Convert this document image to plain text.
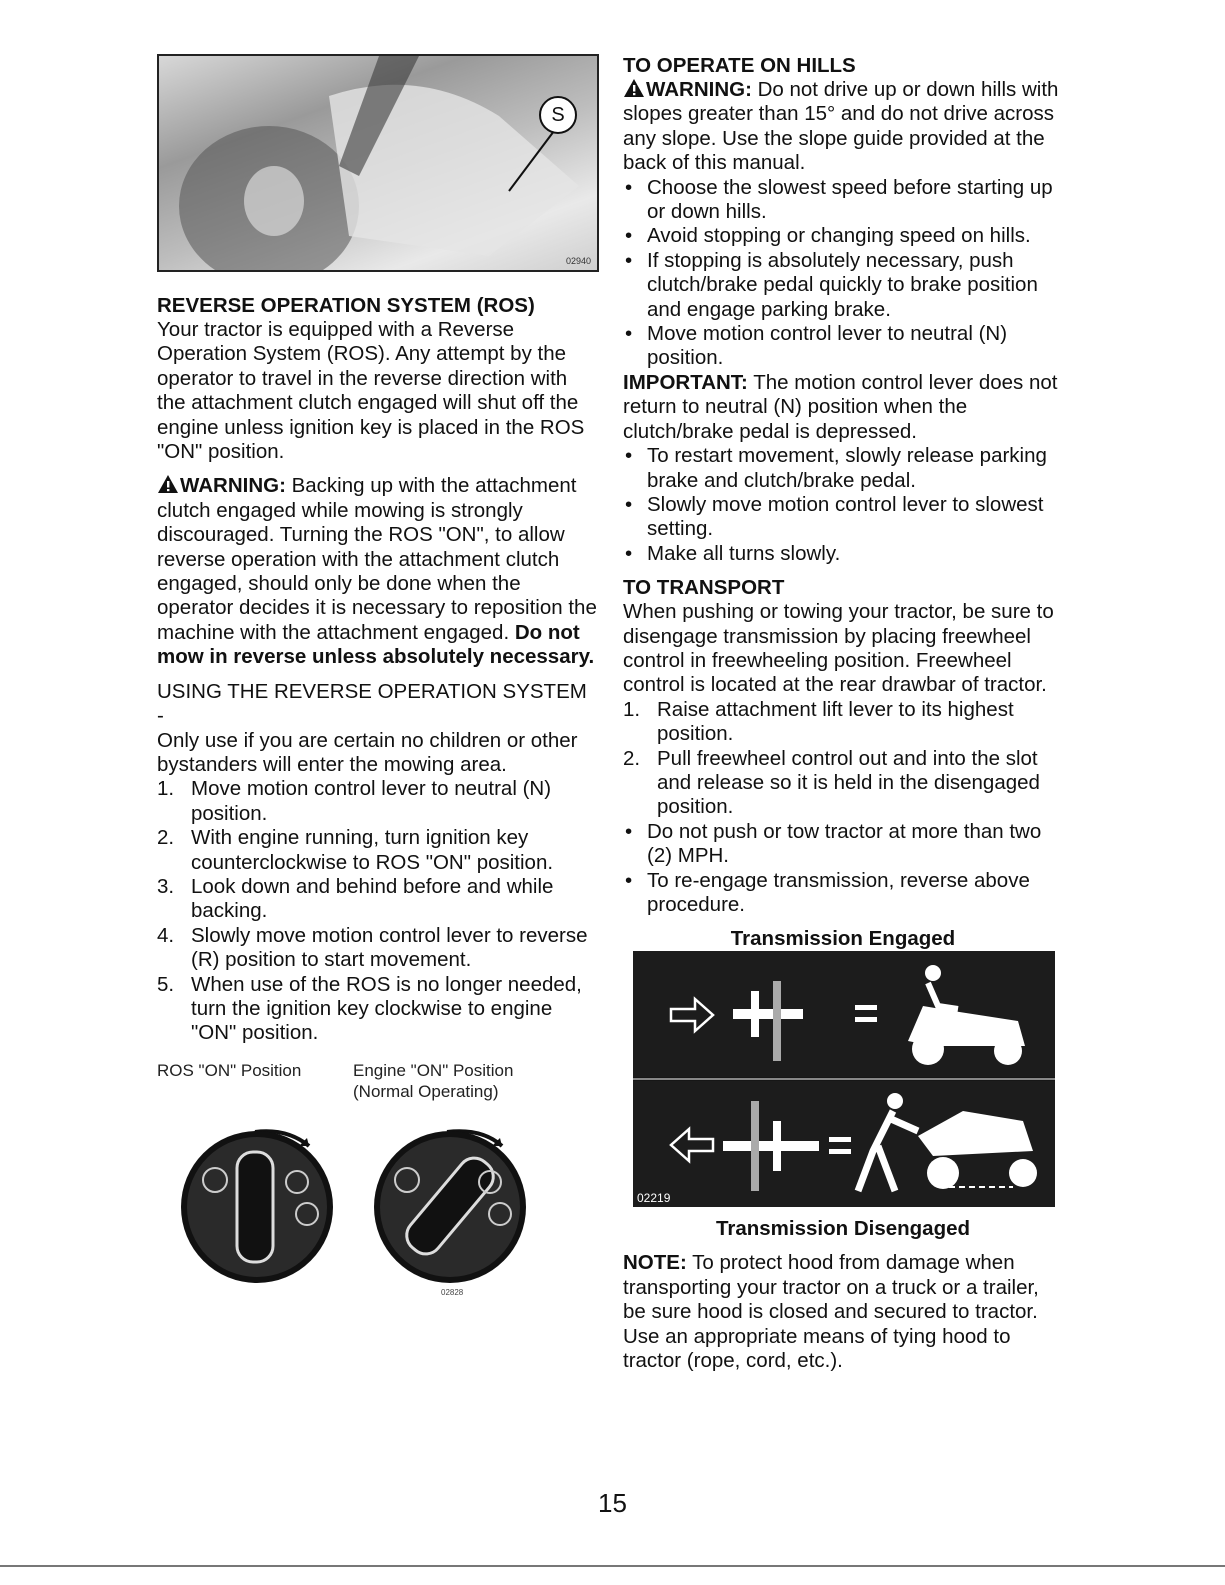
S
02940

REVERSE OPERATION SYSTEM (ROS)

Your tractor is equipped with a Reverse Operation System (ROS). Any attempt by the operator to travel in the reverse direction with the attachment clutch engaged will shut off the engine unless ignition key is placed in the ROS "ON" position.

WARNING: Backing up with the attachment clutch engaged while mowing is strongly discouraged. Turning the ROS "ON", to allow reverse operation with the attachment clutch engaged, should only be done when the operator decides it is necessary to reposition the machine with the attachment engaged. Do not mow in reverse unless absolutely necessary.

USING THE REVERSE OPERATION SYSTEM -

Only use if you are certain no children or other bystanders will enter the mowing area.

1. Move motion control lever to neutral (N) position.
2. With engine running, turn ignition key counterclockwise to ROS "ON" position.
3. Look down and behind before and while backing.
4. Slowly move motion control lever to reverse (R) position to start movement.
5. When use of the ROS is no longer needed, turn the ignition key clockwise to engine "ON" position.
ROS "ON" Position	Engine "ON" Position
(Normal Operating)
02828

TO OPERATE ON HILLS

WARNING: Do not drive up or down hills with slopes greater than 15° and do not drive across any slope. Use the slope guide provided at the back of this manual.

• Choose the slowest speed before starting up or down hills.
• Avoid stopping or changing speed on hills.
• If stopping is absolutely necessary, push clutch/brake pedal quickly to brake position and engage parking brake.
• Move motion control lever to neutral (N) position.

IMPORTANT: The motion control lever does not return to neutral (N) position when the clutch/brake pedal is depressed.

• To restart movement, slowly release parking brake and clutch/brake pedal.
• Slowly move motion control lever to slowest setting.
• Make all turns slowly.

TO TRANSPORT

When pushing or towing your tractor, be sure to disengage transmission by placing freewheel control in freewheeling position. Freewheel control is located at the rear drawbar of tractor.

1. Raise attachment lift lever to its highest position.
2. Pull freewheel control out and into the slot and release so it is held in the disengaged position.
• Do not push or tow tractor at more than two (2) MPH.
• To re-engage transmission, reverse above procedure.
Transmission Engaged
02219
Transmission Disengaged

NOTE: To protect hood from damage when transporting your tractor on a truck or a trailer, be sure hood is closed and secured to tractor. Use an appropriate means of tying hood to tractor (rope, cord, etc.).

15
